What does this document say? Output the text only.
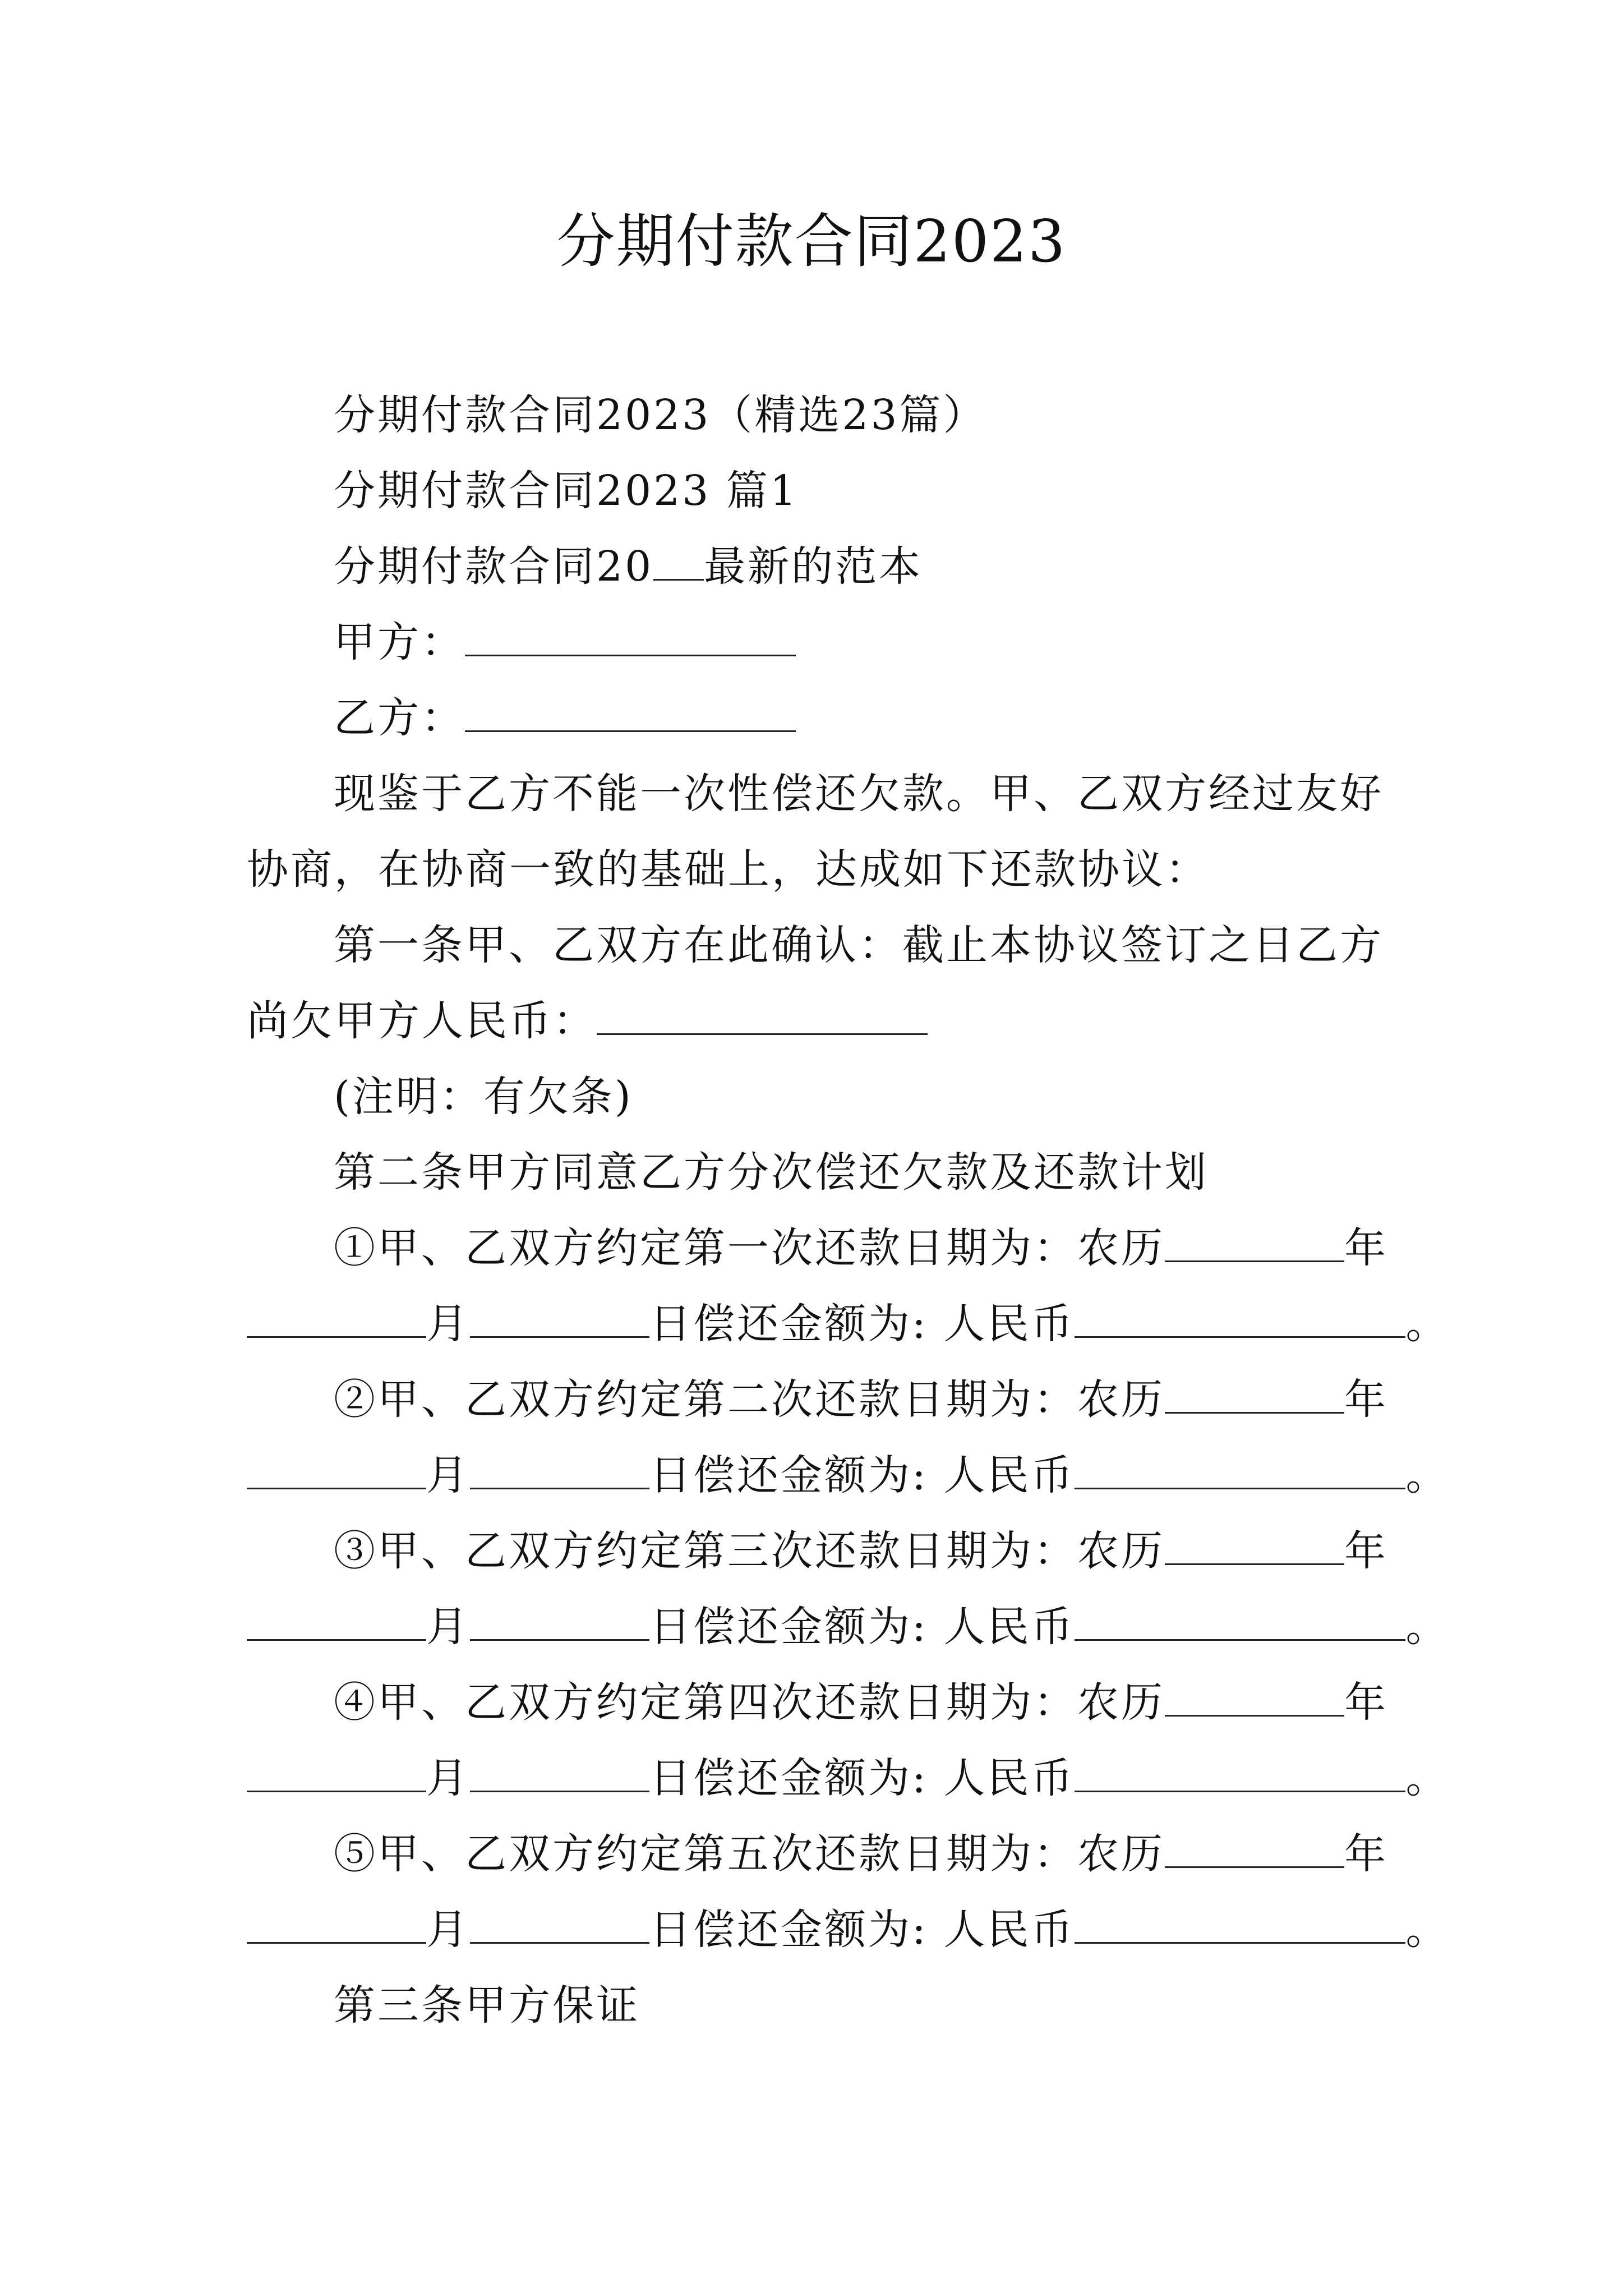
分期付款合同2023
分期付款合同2023（精选23篇）
分期付款合同2023 篇1
分期付款合同20 最新的范本
甲方：
乙方：
现鉴于乙方不能一次性偿还欠款。甲、乙双方经过友好
协商，在协商一致的基础上，达成如下还款协议：
第一条甲、乙双方在此确认：截止本协议签订之日乙方
尚欠甲方人民币：
(注明：有欠条)
第二条甲方同意乙方分次偿还欠款及还款计划
①甲、乙双方约定第一次还款日期为：农历	年
月	日偿还金额为: 人民币	。
②甲、乙双方约定第二次还款日期为：农历	年
月	日偿还金额为: 人民币	。
③甲、乙双方约定第三次还款日期为：农历	年
月	日偿还金额为: 人民币	。
④甲、乙双方约定第四次还款日期为：农历	年
月	日偿还金额为: 人民币	。
⑤甲、乙双方约定第五次还款日期为：农历	年
月	日偿还金额为: 人民币	。
第三条甲方保证
